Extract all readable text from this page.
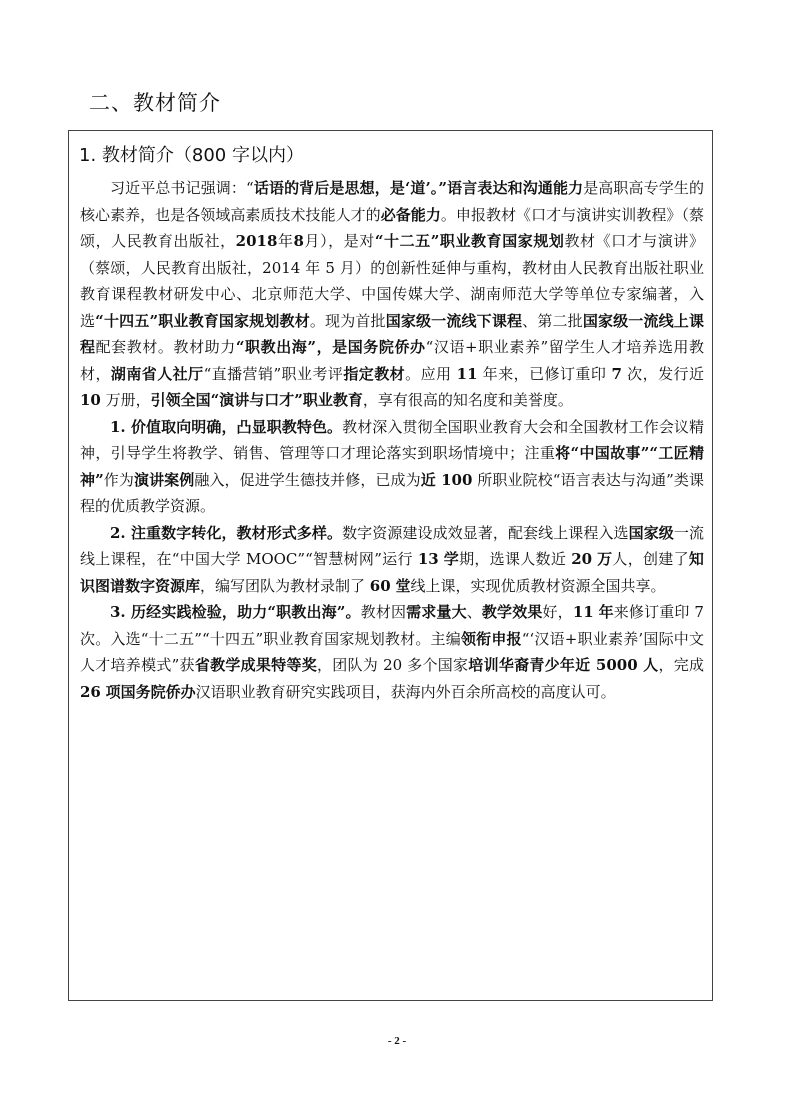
二、教材简介
1. 教材简介（800 字以内）

习近平总书记强调：“话语的背后是思想，是‘道’。”语言表达和沟通能力是高职高专学生的核心素养，也是各领域高素质技术技能人才的必备能力。申报教材《口才与演讲实训教程》（蔡颂，人民教育出版社，2018年8月），是对“十二五”职业教育国家规划教材《口才与演讲》（蔡颂，人民教育出版社，2014 年 5 月）的创新性延伸与重构，教材由人民教育出版社职业教育课程教材研发中心、北京师范大学、中国传媒大学、湖南师范大学等单位专家编著，入选“十四五”职业教育国家规划教材。现为首批国家级一流线下课程、第二批国家级一流线上课程配套教材。教材助力“职教出海”，是国务院侨办“汉语+职业素养”留学生人才培养选用教材，湖南省人社厅“直播营销”职业考评指定教材。应用 11 年来，已修订重印 7 次，发行近 10 万册，引领全国“演讲与口才”职业教育，享有很高的知名度和美誉度。

1. 价值取向明确，凸显职教特色。教材深入贯彻全国职业教育大会和全国教材工作会议精神，引导学生将教学、销售、管理等口才理论落实到职场情境中；注重将“中国故事”“工匠精神”作为演讲案例融入，促进学生德技并修，已成为近 100 所职业院校“语言表达与沟通”类课程的优质教学资源。

2. 注重数字转化，教材形式多样。数字资源建设成效显著，配套线上课程入选国家级一流线上课程，在“中国大学 MOOC”“智慧树网”运行 13 学期，选课人数近 20 万人，创建了知识图谱数字资源库，编写团队为教材录制了 60 堂线上课，实现优质教材资源全国共享。

3. 历经实践检验，助力“职教出海”。教材因需求量大、教学效果好，11 年来修订重印 7 次。入选“十二五”“十四五”职业教育国家规划教材。主编领衔申报“‘汉语+职业素养’国际中文人才培养模式”获省教学成果特等奖，团队为 20 多个国家培训华裔青少年近 5000 人，完成 26 项国务院侨办汉语职业教育研究实践项目，获海内外百余所高校的高度认可。

- 2 -
